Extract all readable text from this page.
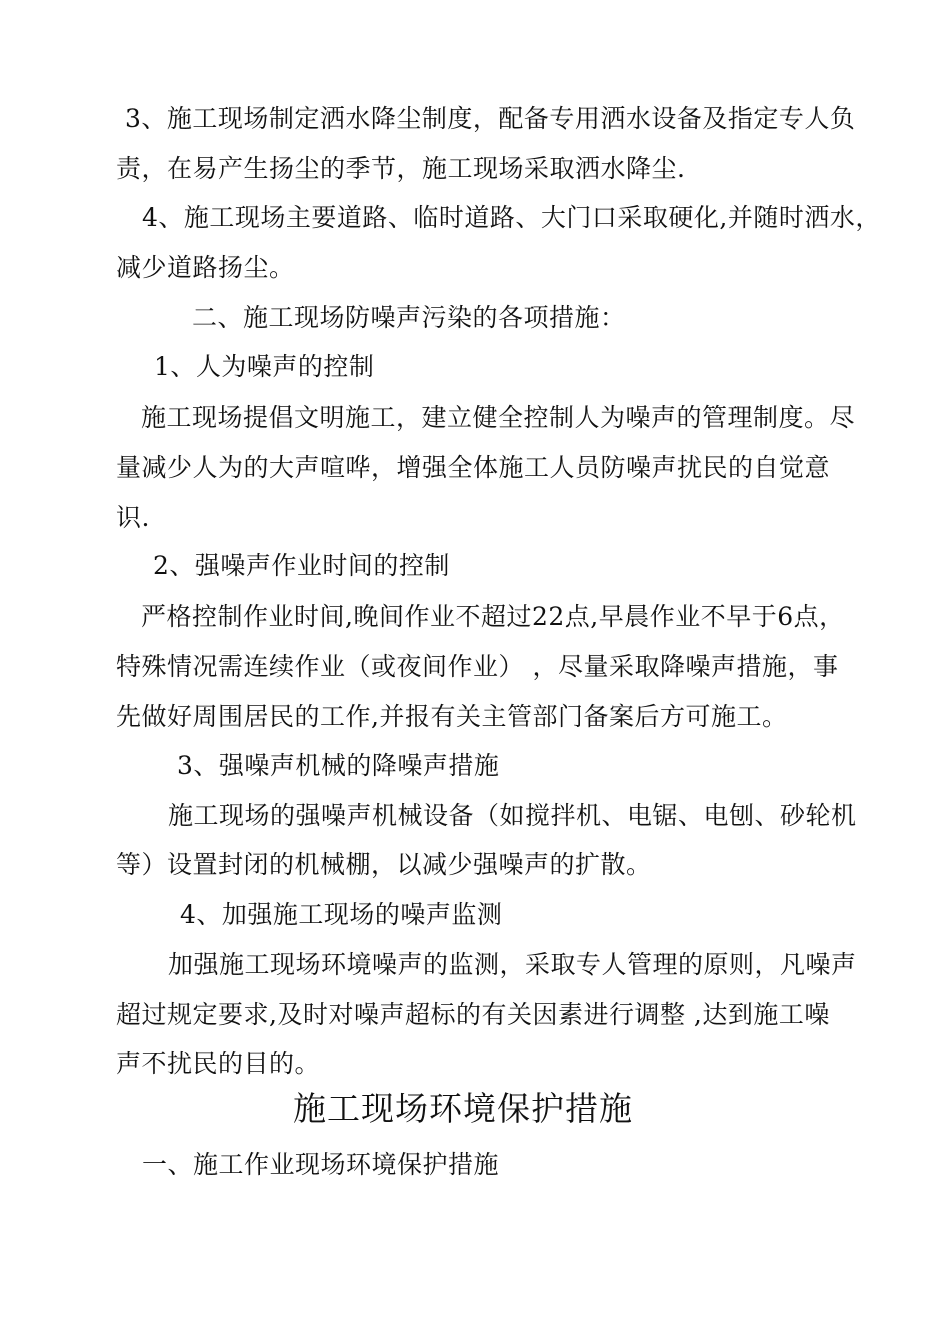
3、施工现场制定洒水降尘制度，配备专用洒水设备及指定专人负
责，在易产生扬尘的季节，施工现场采取洒水降尘.
4、施工现场主要道路、临时道路、大门口采取硬化,并随时洒水，
减少道路扬尘。
二、施工现场防噪声污染的各项措施：
1、人为噪声的控制
施工现场提倡文明施工，建立健全控制人为噪声的管理制度。尽
量减少人为的大声喧哗，增强全体施工人员防噪声扰民的自觉意
识.
2、强噪声作业时间的控制
严格控制作业时间,晚间作业不超过22点,早晨作业不早于6点，
特殊情况需连续作业（或夜间作业） ，尽量采取降噪声措施，事
先做好周围居民的工作,并报有关主管部门备案后方可施工。
3、强噪声机械的降噪声措施
施工现场的强噪声机械设备（如搅拌机、电锯、电刨、砂轮机
等）设置封闭的机械棚，以减少强噪声的扩散。
4、加强施工现场的噪声监测
加强施工现场环境噪声的监测，采取专人管理的原则，凡噪声
超过规定要求,及时对噪声超标的有关因素进行调整 ,达到施工噪
声不扰民的目的。
施工现场环境保护措施
一、施工作业现场环境保护措施
